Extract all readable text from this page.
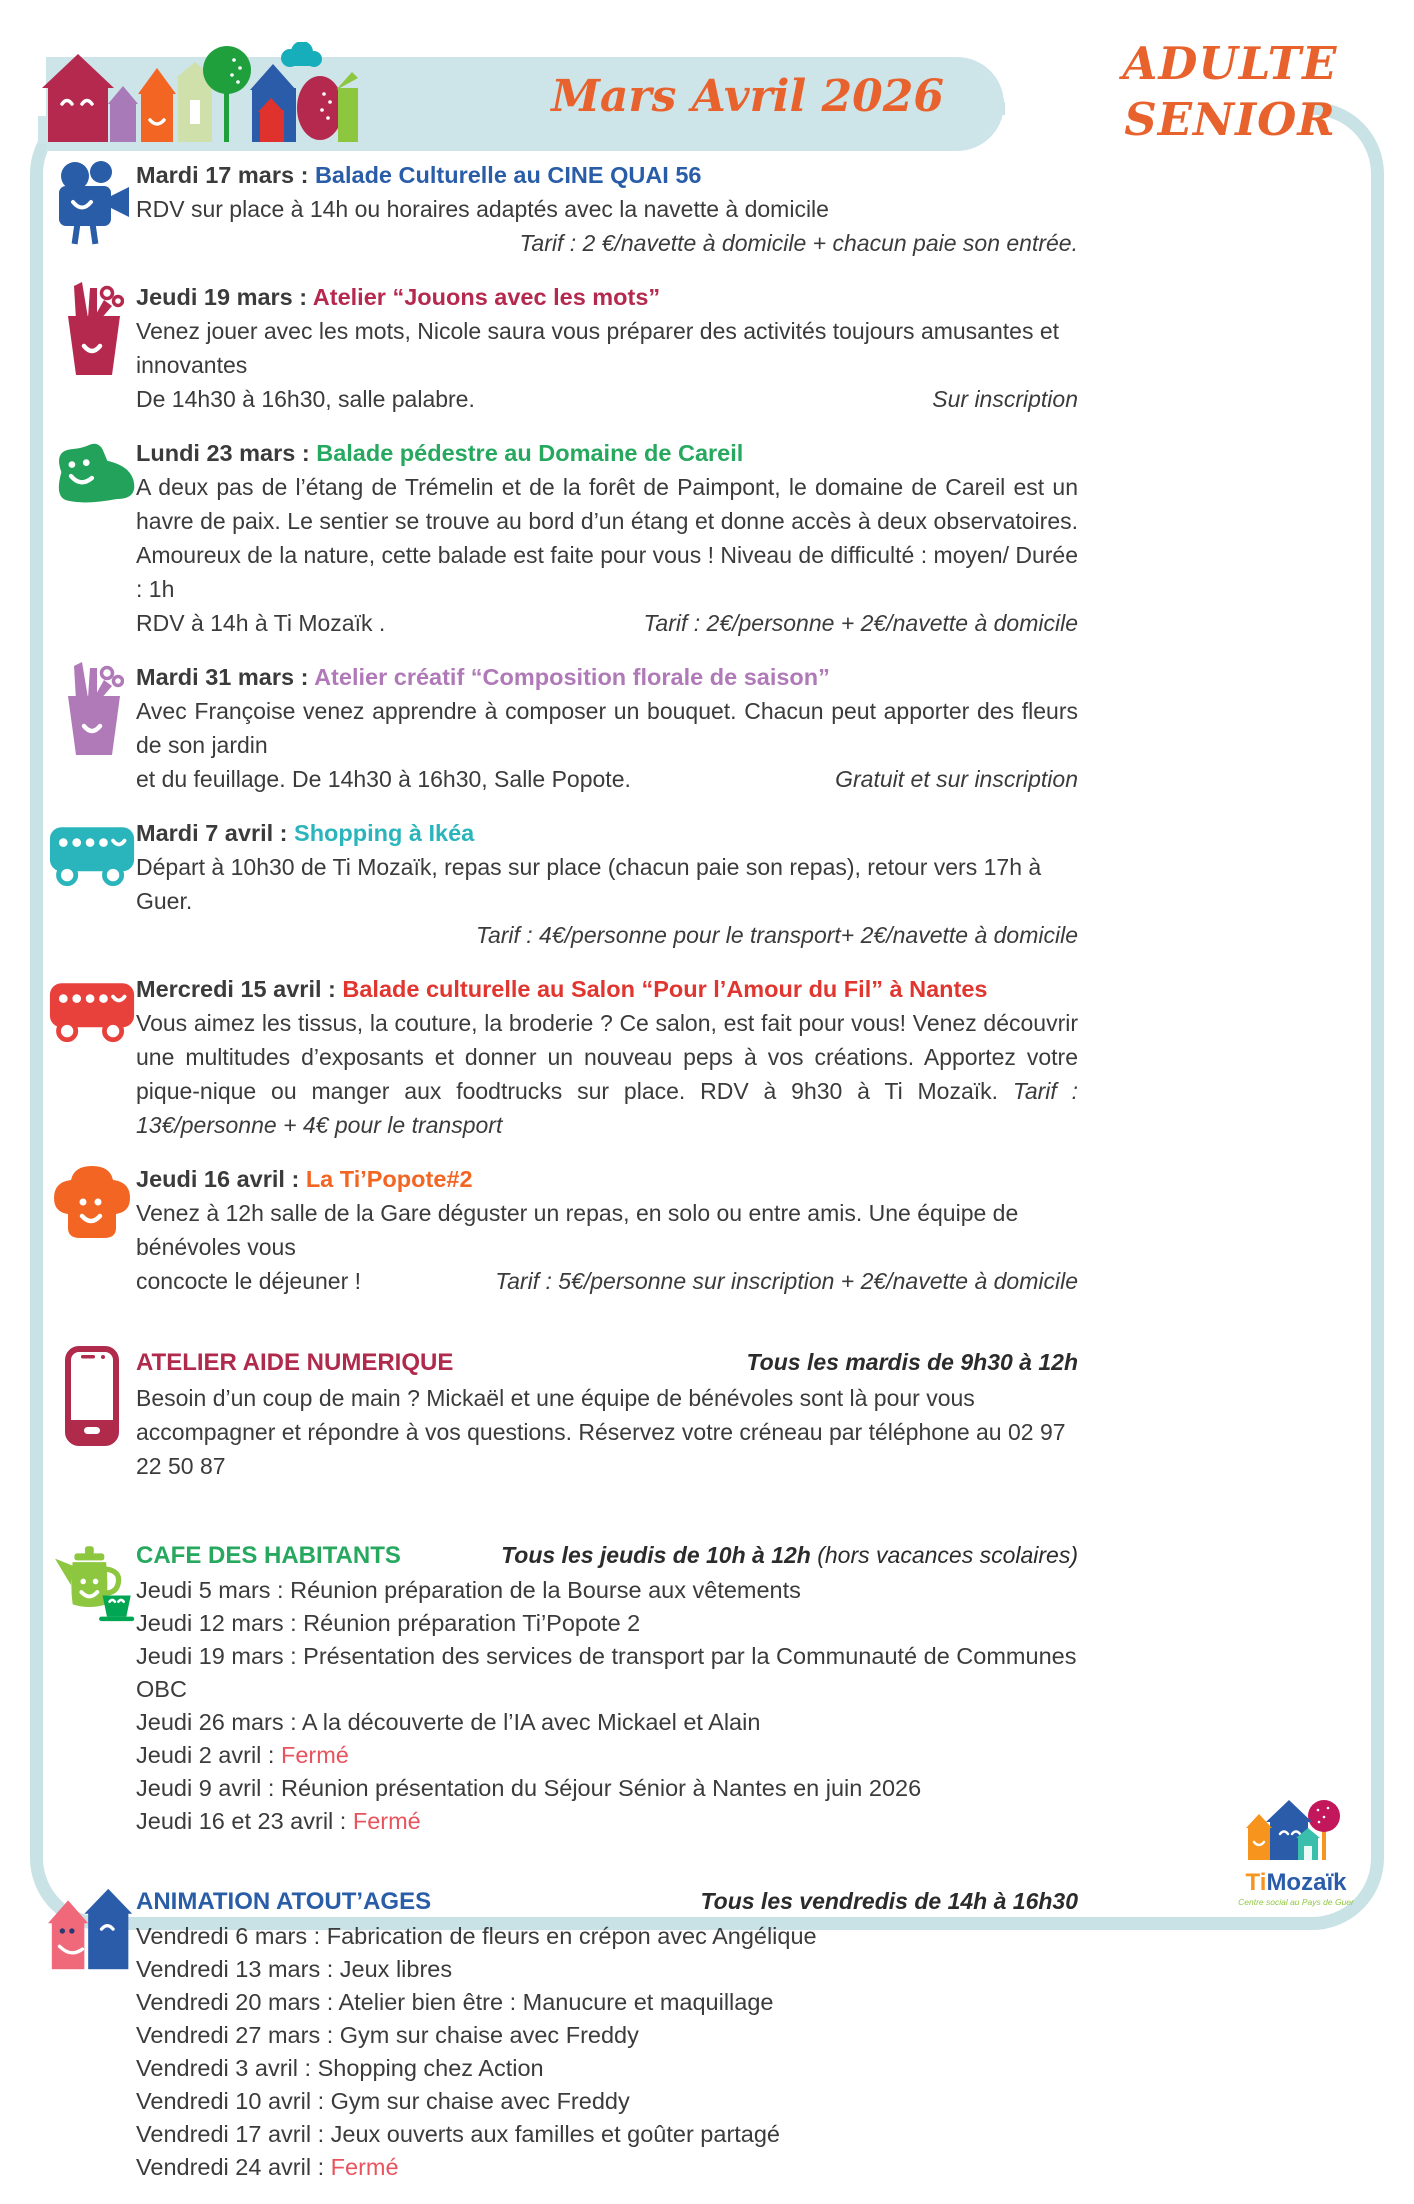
Mars Avril 2026
ADULTE
SENIOR
Mardi 17 mars : Balade Culturelle au CINE QUAI 56

RDV sur place à 14h ou horaires adaptés avec la navette à domicile

Tarif : 2 €/navette à domicile + chacun paie son entrée.
Jeudi 19 mars : Atelier “Jouons avec les mots”

Venez jouer avec les mots, Nicole saura vous préparer des activités toujours amusantes et innovantes

De 14h30 à 16h30, salle palabre.	Sur inscription
Lundi 23 mars : Balade pédestre au Domaine de Careil

A deux pas de l’étang de Trémelin et de la forêt de Paimpont, le domaine de Careil est un havre de paix. Le sentier se trouve au bord d’un étang et donne accès à deux observatoires. Amoureux de la nature, cette balade est faite pour vous ! Niveau de difficulté : moyen/ Durée : 1h

RDV à 14h à Ti Mozaïk .	Tarif : 2€/personne + 2€/navette à domicile
Mardi 31 mars : Atelier créatif “Composition florale de saison”

Avec Françoise venez apprendre à composer un bouquet. Chacun peut apporter des fleurs de son jardin

et du feuillage. De 14h30 à 16h30, Salle Popote.	Gratuit et sur inscription
Mardi 7 avril : Shopping à Ikéa

Départ à 10h30 de Ti Mozaïk, repas sur place (chacun paie son repas), retour vers 17h à Guer.

Tarif : 4€/personne pour le transport+ 2€/navette à domicile
Mercredi 15 avril : Balade culturelle au Salon “Pour l’Amour du Fil” à Nantes

Vous aimez les tissus, la couture, la broderie ? Ce salon, est fait pour vous! Venez découvrir une multitudes d’exposants et donner un nouveau peps à vos créations. Apportez votre pique-nique ou manger aux foodtrucks sur place. RDV à 9h30 à Ti Mozaïk. Tarif : 13€/personne + 4€ pour le transport

Jeudi 16 avril : La Ti’Popote#2

Venez à 12h salle de la Gare déguster un repas, en solo ou entre amis. Une équipe de bénévoles vous

concocte le déjeuner !	Tarif : 5€/personne sur inscription + 2€/navette à domicile
ATELIER AIDE NUMERIQUE	Tous les mardis de 9h30 à 12h

Besoin d’un coup de main ? Mickaël et une équipe de bénévoles sont là pour vous accompagner et répondre à vos questions. Réservez votre créneau par téléphone au 02 97 22 50 87

CAFE DES HABITANTS	Tous les jeudis de 10h à 12h (hors vacances scolaires)
Jeudi 5 mars : Réunion préparation de la Bourse aux vêtements
Jeudi 12 mars : Réunion préparation Ti’Popote 2
Jeudi 19 mars : Présentation des services de transport par la Communauté de Communes OBC
Jeudi 26 mars : A la découverte de l’IA avec Mickael et Alain
Jeudi 2 avril : Fermé
Jeudi 9 avril : Réunion présentation du Séjour Sénior à Nantes en juin 2026
Jeudi 16 et 23 avril : Fermé
ANIMATION ATOUT’AGES	Tous les vendredis de 14h à 16h30
Vendredi 6 mars : Fabrication de fleurs en crépon avec Angélique
Vendredi 13 mars : Jeux libres
Vendredi 20 mars : Atelier bien être : Manucure et maquillage
Vendredi 27 mars : Gym sur chaise avec Freddy
Vendredi 3 avril : Shopping chez Action
Vendredi 10 avril : Gym sur chaise avec Freddy
Vendredi 17 avril : Jeux ouverts aux familles et goûter partagé
Vendredi 24 avril : Fermé
TiMozaïk
Centre social au Pays de Guer
